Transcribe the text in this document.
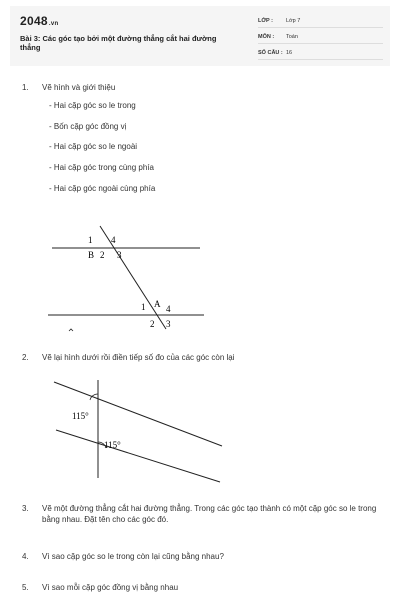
2048.vn
Bài 3: Các góc tạo bởi một đường thẳng cắt hai đường thẳng
LỚP : Lớp 7
MÔN : Toán
SỐ CÂU : 16
1. Vẽ hình và giới thiệu
- Hai cặp góc so le trong
- Bốn cặp góc đồng vị
- Hai cặp góc so le ngoài
- Hai cặp góc trong cùng phía
- Hai cặp góc ngoài cùng phía
1 4
B 2 3
1 A 4
2 3
2. Vẽ lại hình dưới rồi điền tiếp số đo của các góc còn lại
115°
115°
3. Vẽ một đường thẳng cắt hai đường thẳng. Trong các góc tạo thành có một cặp góc so le trong bằng nhau. Đặt tên cho các góc đó.
4. Vì sao cặp góc so le trong còn lại cũng bằng nhau?
5. Vì sao mỗi cặp góc đồng vị bằng nhau
